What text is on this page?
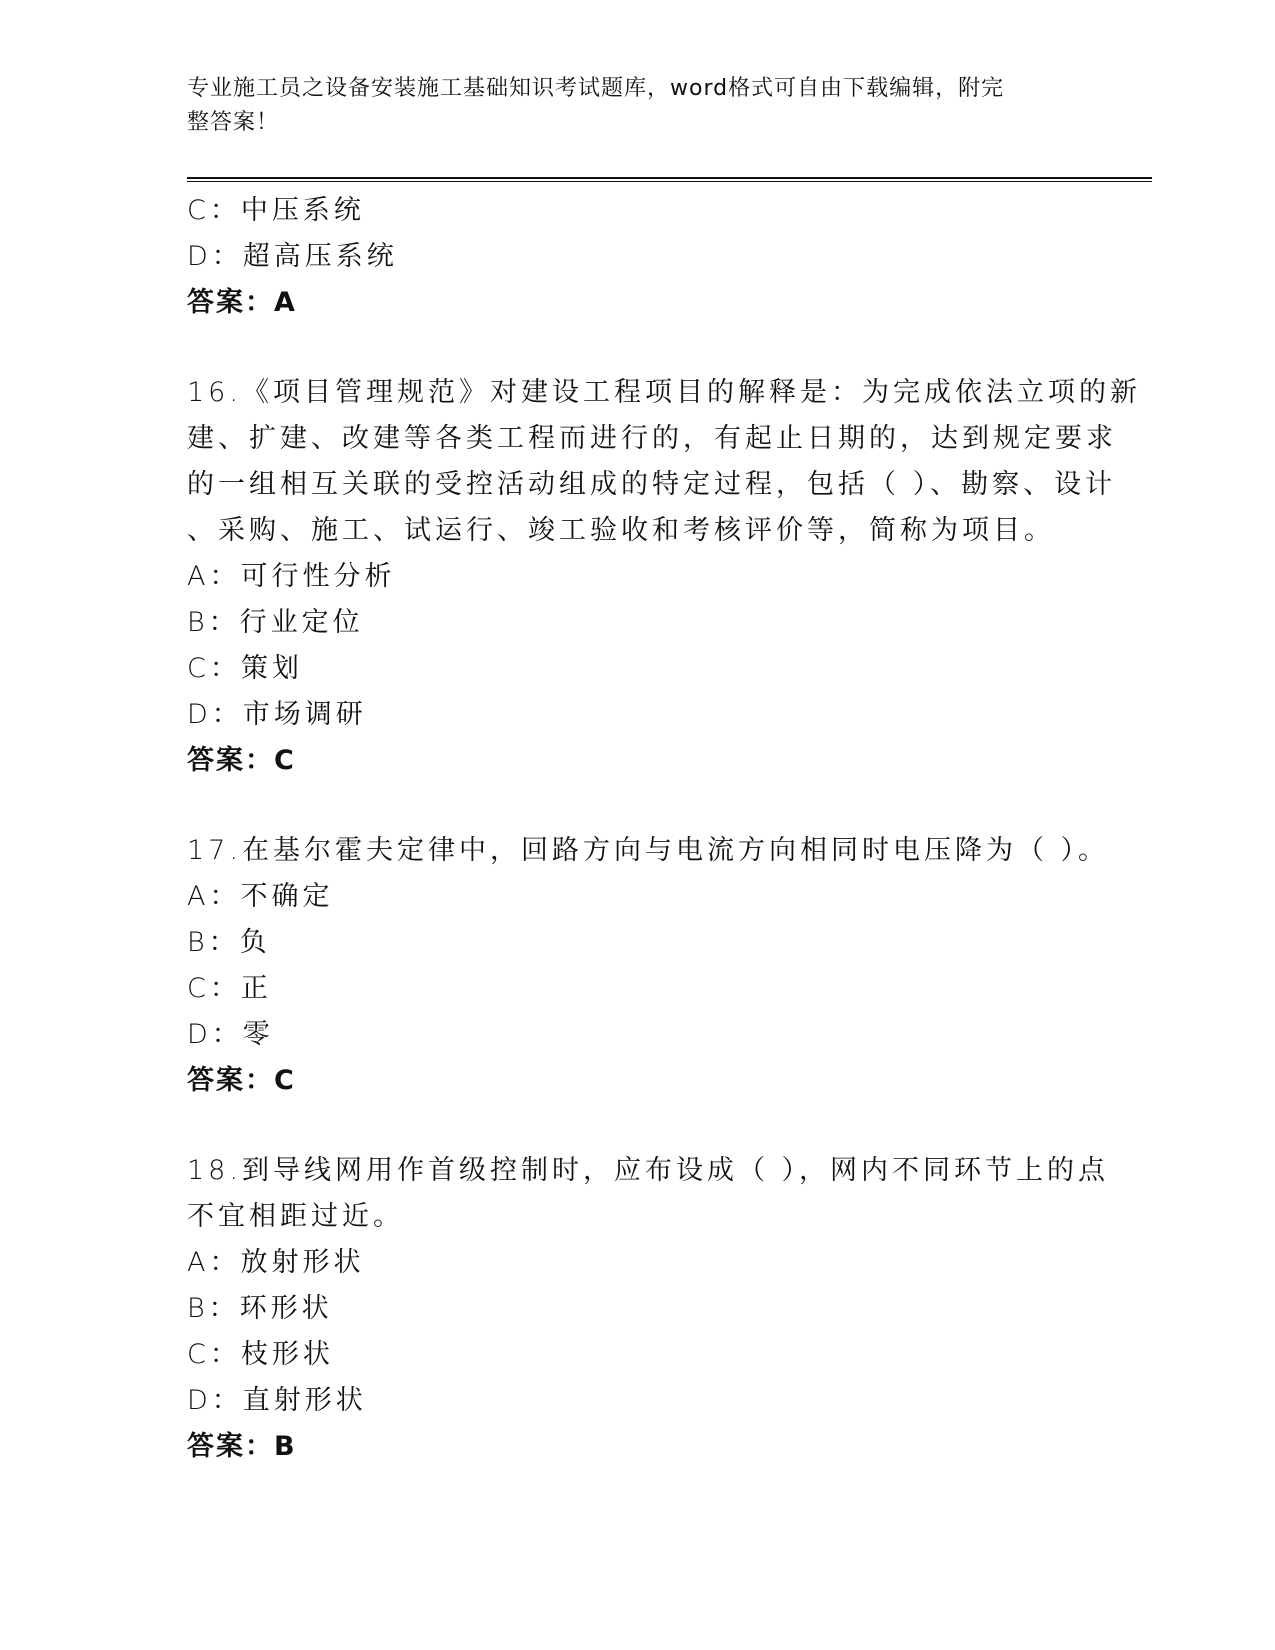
专业施工员之设备安装施工基础知识考试题库，word格式可自由下载编辑，附完
整答案！
C：中压系统
D：超高压系统
答案：A
16.《项目管理规范》对建设工程项目的解释是：为完成依法立项的新
建、扩建、改建等各类工程而进行的，有起止日期的，达到规定要求
的一组相互关联的受控活动组成的特定过程，包括（ ）、勘察、设计
、采购、施工、试运行、竣工验收和考核评价等，简称为项目。
A：可行性分析
B：行业定位
C：策划
D：市场调研
答案：C
17.在基尔霍夫定律中，回路方向与电流方向相同时电压降为（ ）。
A：不确定
B：负
C：正
D：零
答案：C
18.到导线网用作首级控制时，应布设成（ ），网内不同环节上的点
不宜相距过近。
A：放射形状
B：环形状
C：枝形状
D：直射形状
答案：B
